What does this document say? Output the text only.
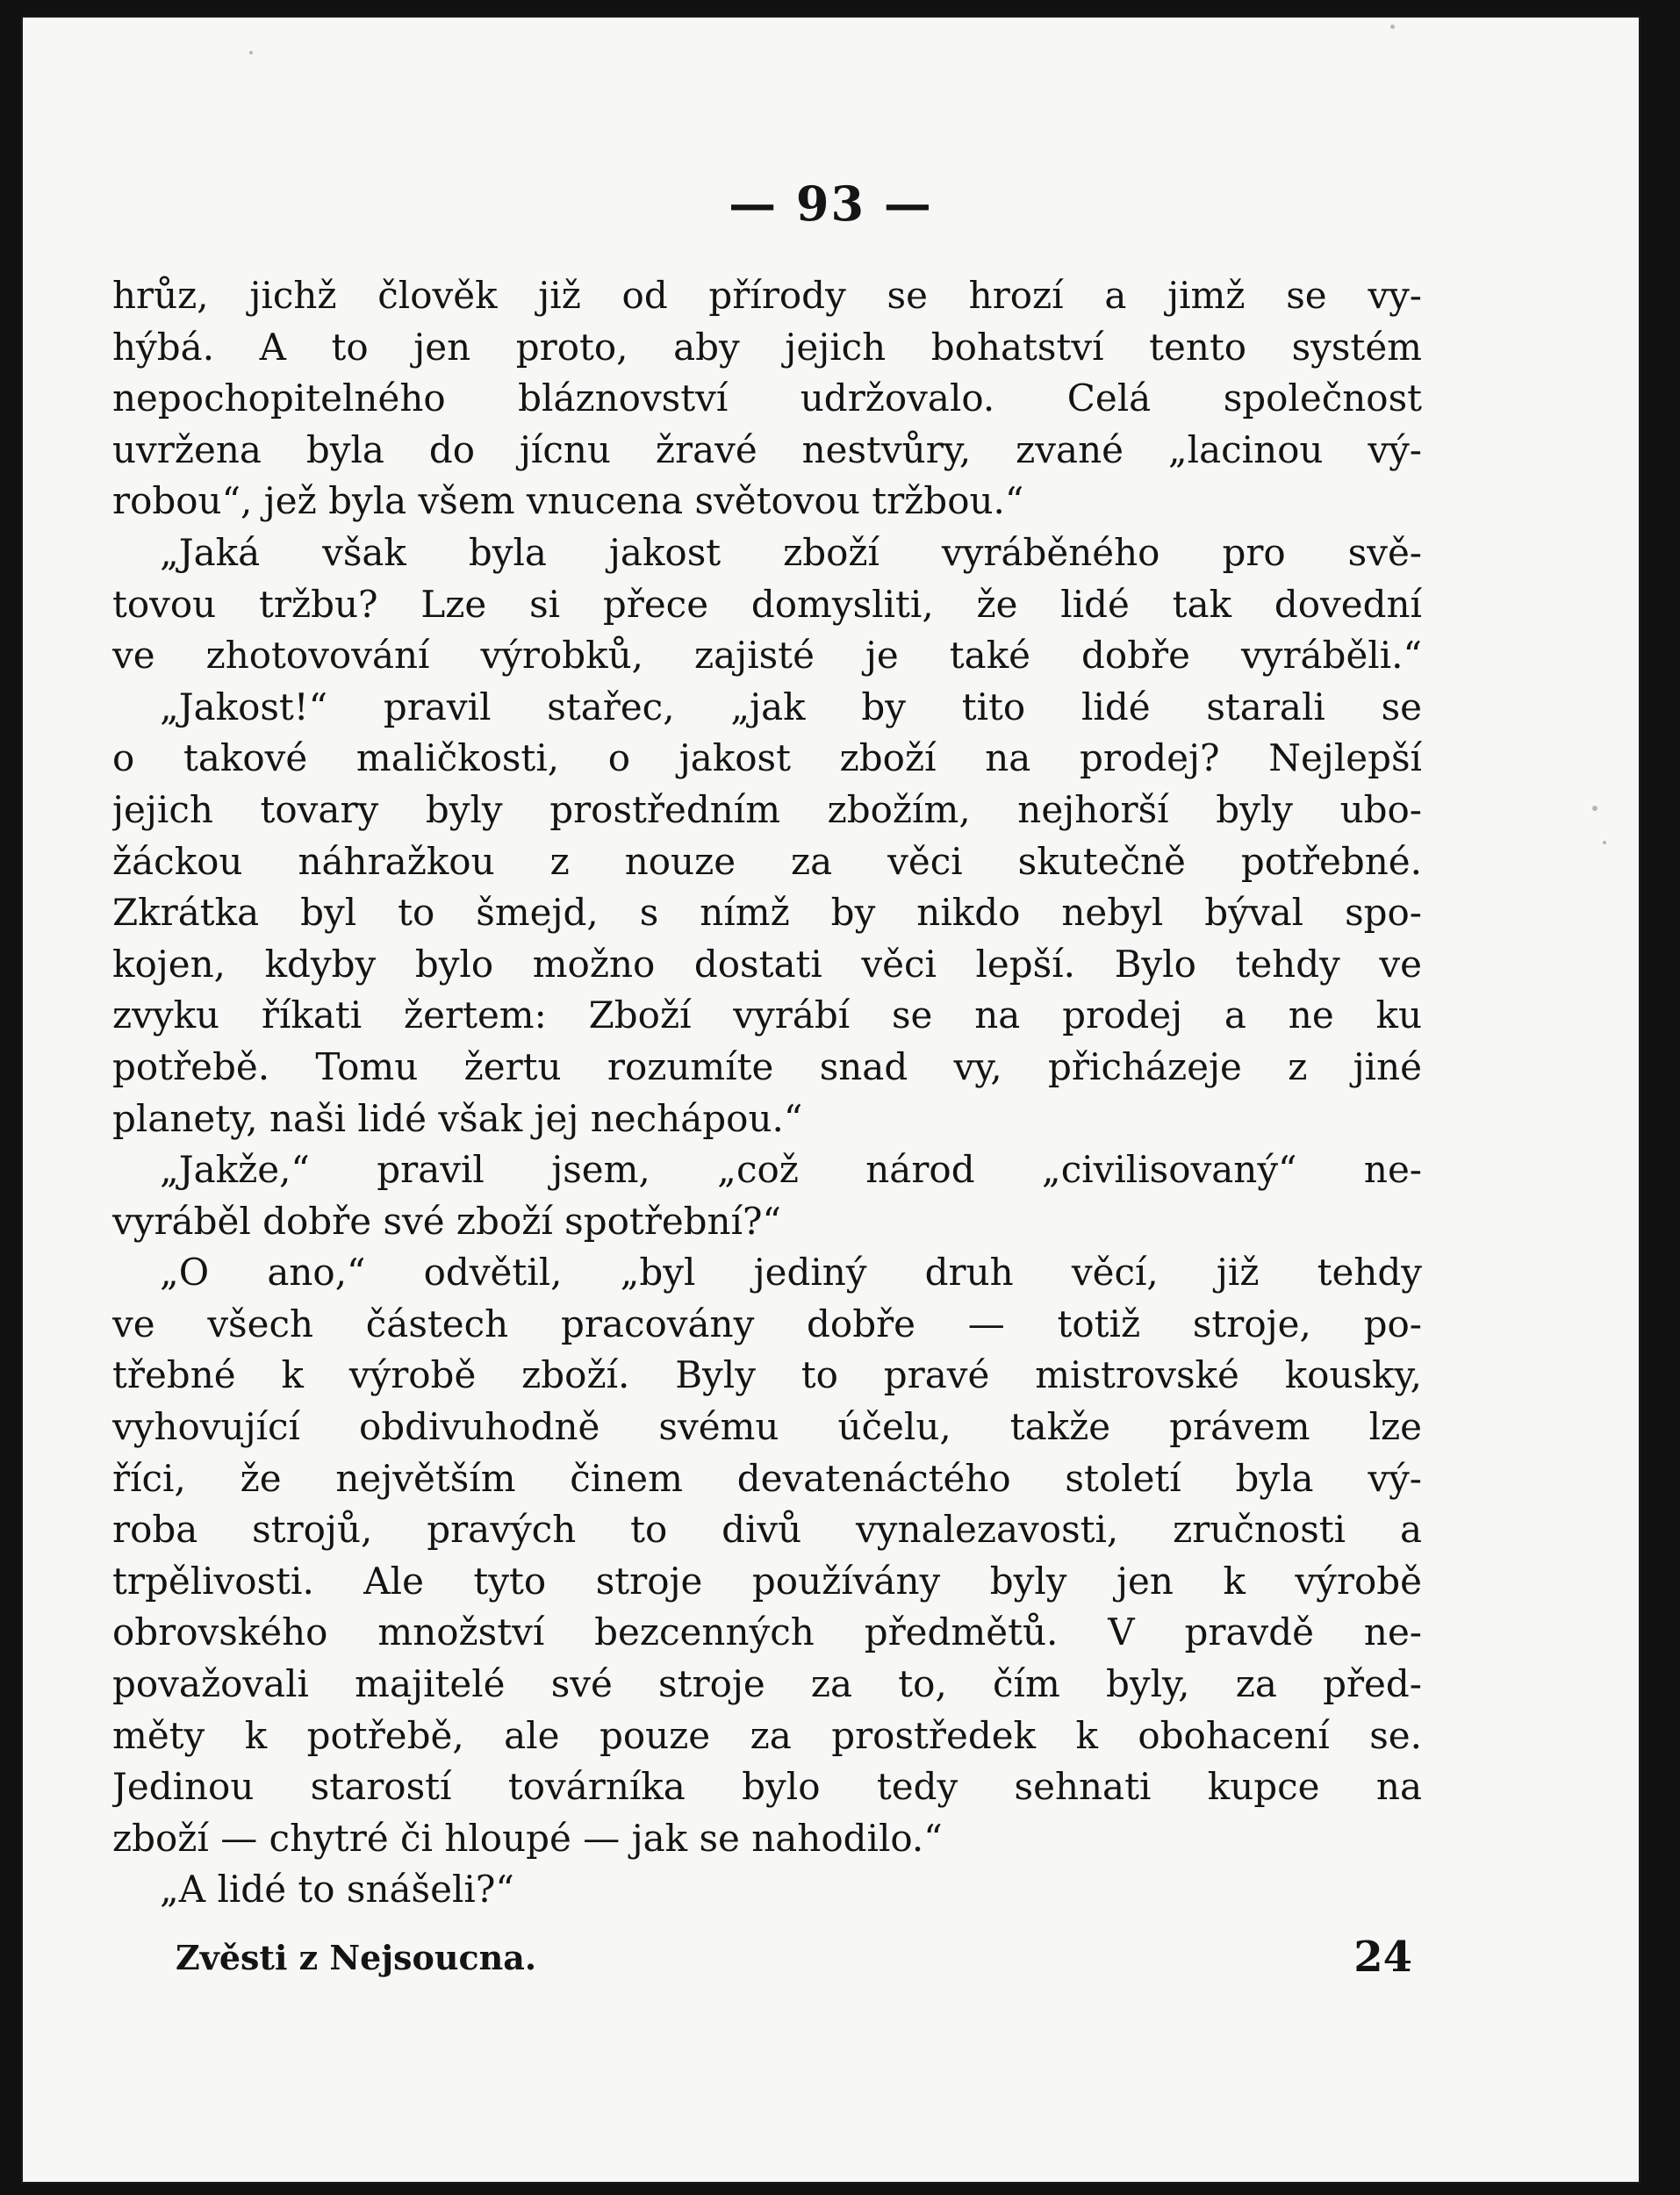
— 93 —
hrůz, jichž člověk již od přírody se hrozí a jimž se vy-
hýbá. A to jen proto, aby jejich bohatství tento systém
nepochopitelného bláznovství udržovalo. Celá společnost
uvržena byla do jícnu žravé nestvůry, zvané „lacinou vý-
robou“, jež byla všem vnucena světovou tržbou.“
„Jaká však byla jakost zboží vyráběného pro svě-
tovou tržbu? Lze si přece domysliti, že lidé tak dovední
ve zhotovování výrobků, zajisté je také dobře vyráběli.“
„Jakost!“ pravil stařec, „jak by tito lidé starali se
o takové maličkosti, o jakost zboží na prodej? Nejlepší
jejich tovary byly prostředním zbožím, nejhorší byly ubo-
žáckou náhražkou z nouze za věci skutečně potřebné.
Zkrátka byl to šmejd, s nímž by nikdo nebyl býval spo-
kojen, kdyby bylo možno dostati věci lepší. Bylo tehdy ve
zvyku říkati žertem: Zboží vyrábí se na prodej a ne ku
potřebě. Tomu žertu rozumíte snad vy, přicházeje z jiné
planety, naši lidé však jej nechápou.“
„Jakže,“ pravil jsem, „což národ „civilisovaný“ ne-
vyráběl dobře své zboží spotřební?“
„O ano,“ odvětil, „byl jediný druh věcí, již tehdy
ve všech částech pracovány dobře — totiž stroje, po-
třebné k výrobě zboží. Byly to pravé mistrovské kousky,
vyhovující obdivuhodně svému účelu, takže právem lze
říci, že největším činem devatenáctého století byla vý-
roba strojů, pravých to divů vynalezavosti, zručnosti a
trpělivosti. Ale tyto stroje používány byly jen k výrobě
obrovského množství bezcenných předmětů. V pravdě ne-
považovali majitelé své stroje za to, čím byly, za před-
měty k potřebě, ale pouze za prostředek k obohacení se.
Jedinou starostí továrníka bylo tedy sehnati kupce na
zboží — chytré či hloupé — jak se nahodilo.“
„A lidé to snášeli?“
Zvěsti z Nejsoucna.	24
